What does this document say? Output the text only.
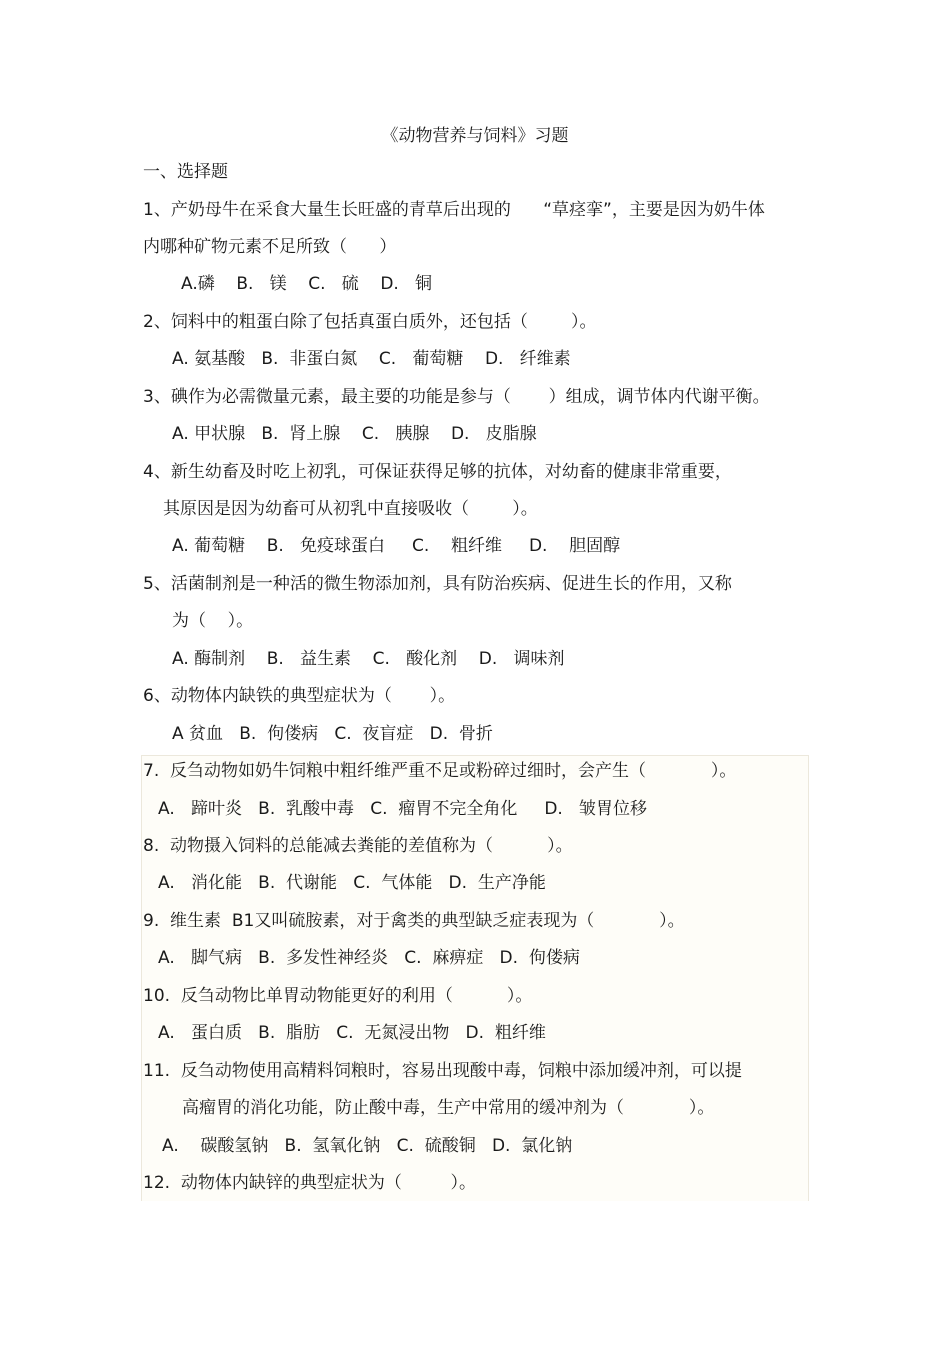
《动物营养与饲料》习题
一、选择题
1、产奶母牛在采食大量生长旺盛的青草后出现的      “草痉挛”，主要是因为奶牛体
内哪种矿物元素不足所致（      ）
A.磷    B.   镁    C.   硫    D.   铜
2、饲料中的粗蛋白除了包括真蛋白质外，还包括（        ）。
A. 氨基酸   B.  非蛋白氮    C.   葡萄糖    D.   纤维素
3、碘作为必需微量元素，最主要的功能是参与（       ）组成，调节体内代谢平衡。
A. 甲状腺   B.  肾上腺    C.   胰腺    D.   皮脂腺
4、新生幼畜及时吃上初乳，可保证获得足够的抗体，对幼畜的健康非常重要，
其原因是因为幼畜可从初乳中直接吸收（        ）。
A. 葡萄糖    B.   免疫球蛋白     C.    粗纤维     D.    胆固醇
5、活菌制剂是一种活的微生物添加剂，具有防治疾病、促进生长的作用，又称
为（    ）。
A. 酶制剂    B.   益生素    C.   酸化剂    D.   调味剂
6、动物体内缺铁的典型症状为（       ）。
A 贫血   B.  佝偻病   C.  夜盲症   D.  骨折
7.  反刍动物如奶牛饲粮中粗纤维严重不足或粉碎过细时，会产生（            ）。
A.   蹄叶炎   B.  乳酸中毒   C.  瘤胃不完全角化     D.   皱胃位移
8.  动物摄入饲料的总能减去粪能的差值称为（          ）。
A.   消化能   B.  代谢能   C.  气体能   D.  生产净能
9.  维生素  B1又叫硫胺素，对于禽类的典型缺乏症表现为（            ）。
A.   脚气病   B.  多发性神经炎   C.  麻痹症   D.  佝偻病
10.  反刍动物比单胃动物能更好的利用（          ）。
A.   蛋白质   B.  脂肪   C.  无氮浸出物   D.  粗纤维
11.  反刍动物使用高精料饲粮时，容易出现酸中毒，饲粮中添加缓冲剂，可以提
高瘤胃的消化功能，防止酸中毒，生产中常用的缓冲剂为（            ）。
A.    碳酸氢钠   B.  氢氧化钠   C.  硫酸铜   D.  氯化钠
12.  动物体内缺锌的典型症状为（         ）。
